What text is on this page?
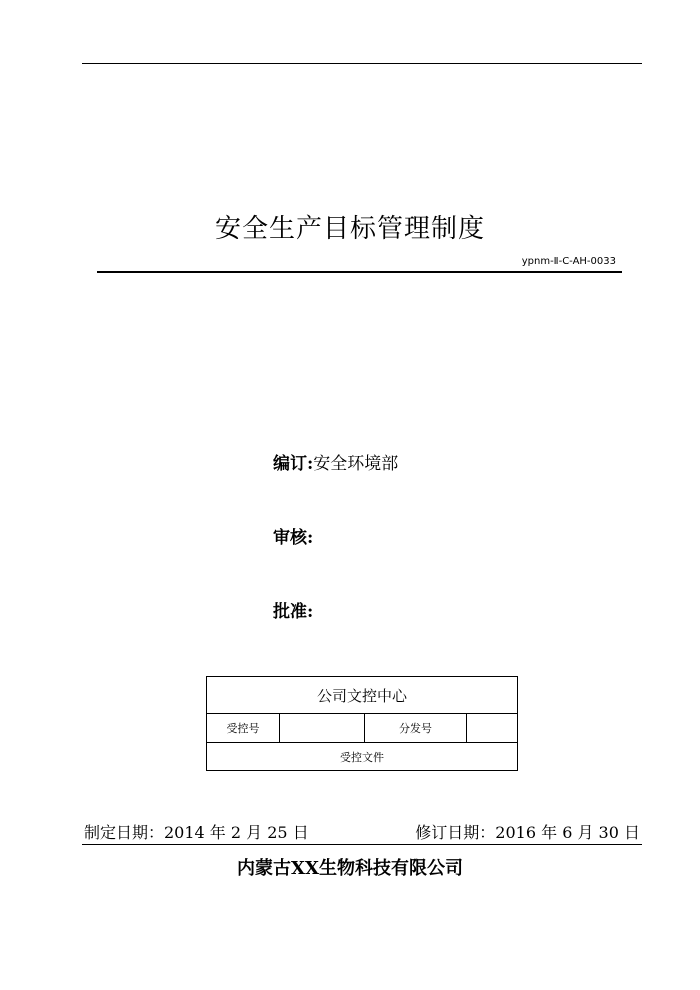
安全生产目标管理制度
ypnm-Ⅱ-C-AH-0033
编订:安全环境部
审核:
批准:
公司文控中心
受控号		分发号	
受控文件
制定日期：2014 年 2 月 25 日	修订日期：2016 年 6 月 30 日
内蒙古XX生物科技有限公司
